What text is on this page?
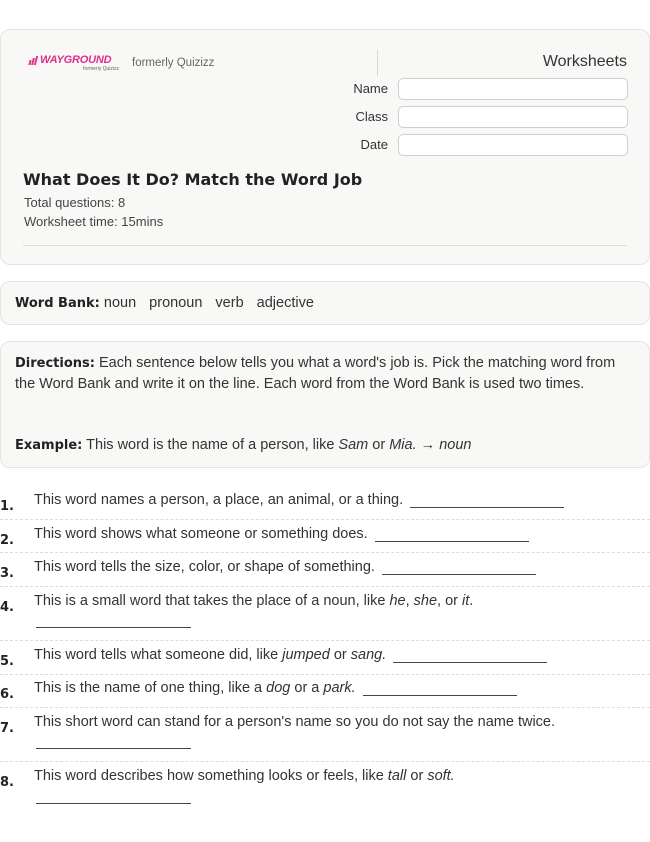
WAYGROUND
formerly Quizizz formerly Quizizz	Worksheets
Name
Class
Date
What Does It Do? Match the Word Job
Total questions: 8
Worksheet time: 15mins
Word Bank: noun pronoun verb adjective
Directions: Each sentence below tells you what a word's job is. Pick the matching word from the Word Bank and write it on the line. Each word from the Word Bank is used two times.
Example: This word is the name of a person, like Sam or Mia. → noun
1. This word names a person, a place, an animal, or a thing.
2. This word shows what someone or something does.
3. This word tells the size, color, or shape of something.
4. This is a small word that takes the place of a noun, like
he ,
she , or
it .
5. This word tells what someone did, like
jumped
or
sang.
6. This is the name of one thing, like a
dog
or a
park.
7. This short word can stand for a person's name so you do not say the name twice.
8. This word describes how something looks or feels, like
tall
or
soft.
